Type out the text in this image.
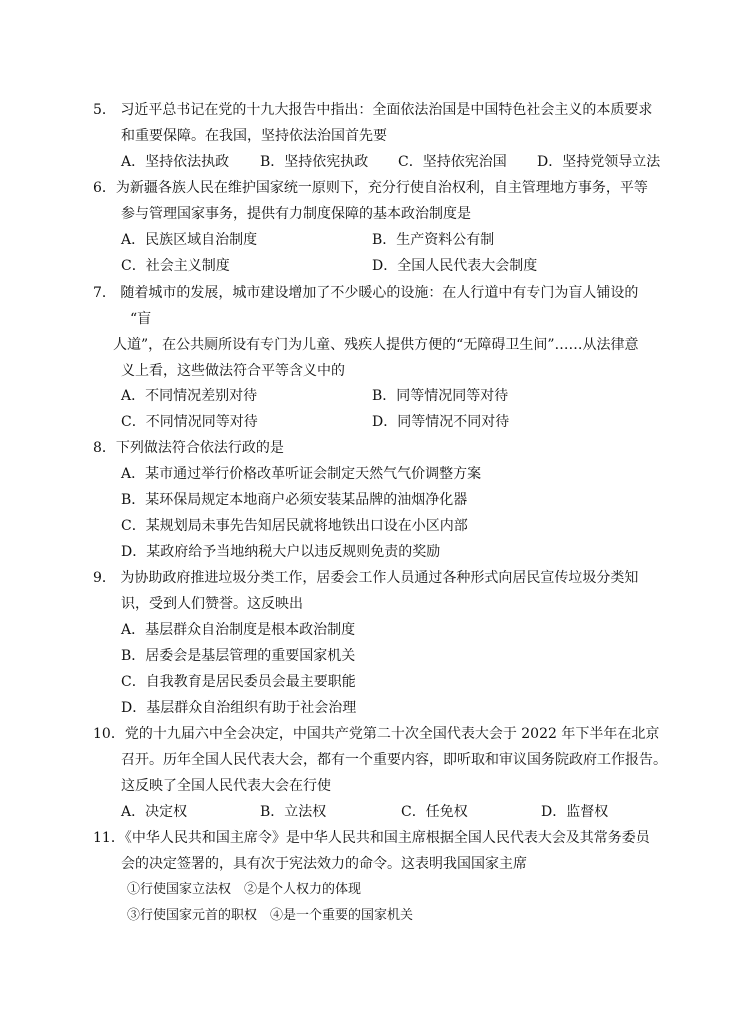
5． 习近平总书记在党的十九大报告中指出：全面依法治国是中国特色社会主义的本质要求
和重要保障。在我国，坚持依法治国首先要
A．坚持依法执政 B．坚持依宪执政 C．坚持依宪治国 D．坚持党领导立法
6．为新疆各族人民在维护国家统一原则下，充分行使自治权利，自主管理地方事务，平等
参与管理国家事务，提供有力制度保障的基本政治制度是
A．民族区域自治制度	B．生产资料公有制
C．社会主义制度	D．全国人民代表大会制度
7． 随着城市的发展，城市建设增加了不少暖心的设施：在人行道中有专门为盲人铺设的
“盲
人道”，在公共厕所设有专门为儿童、残疾人提供方便的“无障碍卫生间”……从法律意
义上看，这些做法符合平等含义中的
A．不同情况差别对待	B．同等情况同等对待
C．不同情况同等对待	D．同等情况不同对待
8．下列做法符合依法行政的是
A．某市通过举行价格改革听证会制定天然气气价调整方案
B．某环保局规定本地商户必须安装某品牌的油烟净化器
C．某规划局未事先告知居民就将地铁出口设在小区内部
D．某政府给予当地纳税大户以违反规则免责的奖励
9． 为协助政府推进垃圾分类工作，居委会工作人员通过各种形式向居民宣传垃圾分类知
识，受到人们赞誉。这反映出
A．基层群众自治制度是根本政治制度
B．居委会是基层管理的重要国家机关
C．自我教育是居民委员会最主要职能
D．基层群众自治组织有助于社会治理
10．党的十九届六中全会决定，中国共产党第二十次全国代表大会于 2022 年下半年在北京
召开。历年全国人民代表大会，都有一个重要内容，即听取和审议国务院政府工作报告。
这反映了全国人民代表大会在行使
A．决定权	B．立法权	C．任免权	D．监督权
11．《中华人民共和国主席令》是中华人民共和国主席根据全国人民代表大会及其常务委员
会的决定签署的，具有次于宪法效力的命令。这表明我国国家主席
①行使国家立法权　②是个人权力的体现
③行使国家元首的职权　④是一个重要的国家机关
